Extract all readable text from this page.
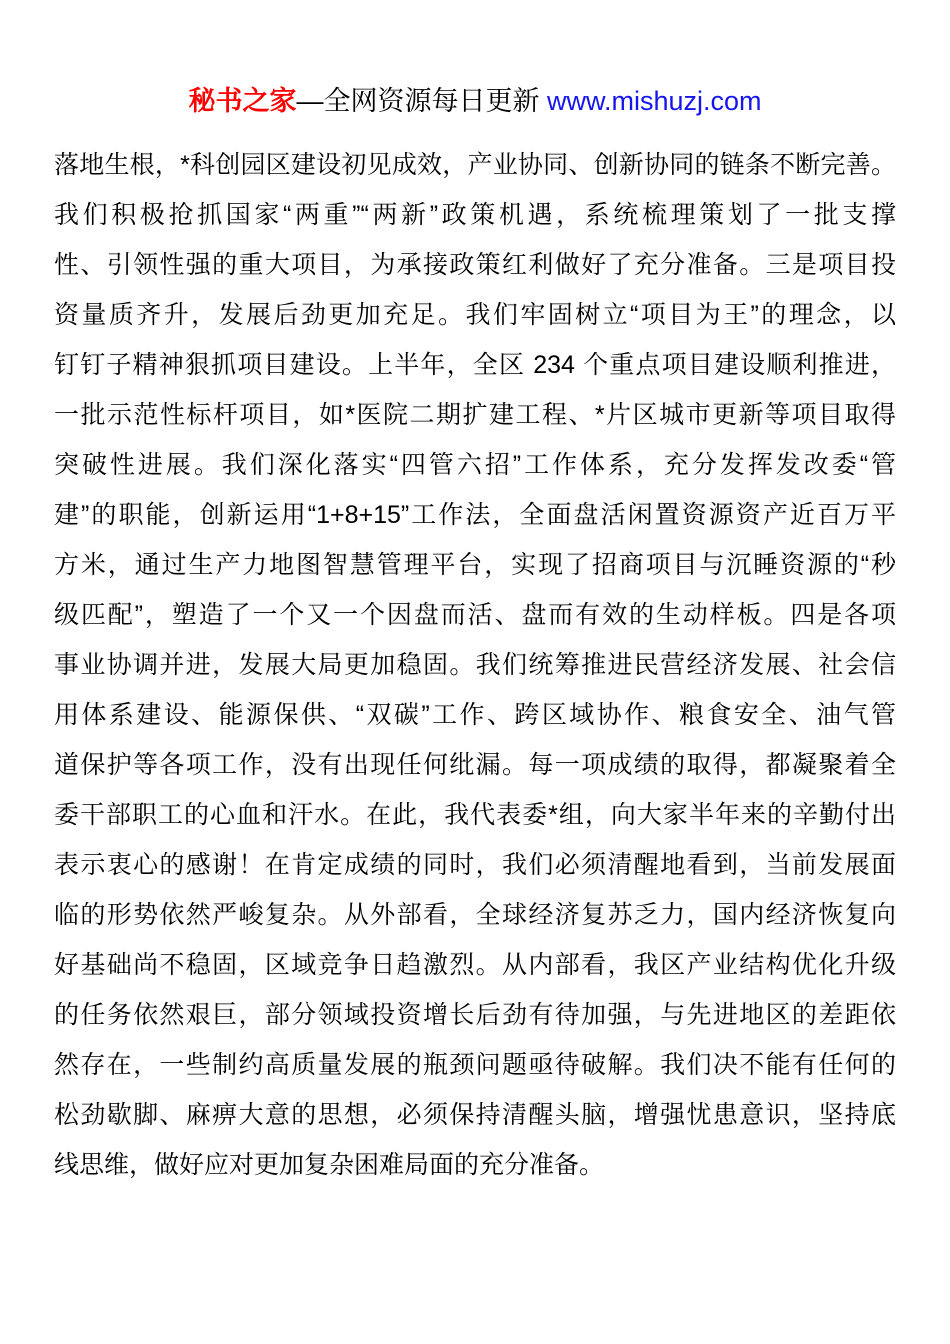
秘书之家—全网资源每日更新 www.mishuzj.com
落地生根，*科创园区建设初见成效，产业协同、创新协同的链条不断完善。
我们积极抢抓国家“两重”“两新”政策机遇，系统梳理策划了一批支撑
性、引领性强的重大项目，为承接政策红利做好了充分准备。三是项目投
资量质齐升，发展后劲更加充足。我们牢固树立“项目为王”的理念，以
钉钉子精神狠抓项目建设。上半年，全区 234 个重点项目建设顺利推进，
一批示范性标杆项目，如*医院二期扩建工程、*片区城市更新等项目取得
突破性进展。我们深化落实“四管六招”工作体系，充分发挥发改委“管
建”的职能，创新运用“1+8+15”工作法，全面盘活闲置资源资产近百万平
方米，通过生产力地图智慧管理平台，实现了招商项目与沉睡资源的“秒
级匹配”，塑造了一个又一个因盘而活、盘而有效的生动样板。四是各项
事业协调并进，发展大局更加稳固。我们统筹推进民营经济发展、社会信
用体系建设、能源保供、“双碳”工作、跨区域协作、粮食安全、油气管
道保护等各项工作，没有出现任何纰漏。每一项成绩的取得，都凝聚着全
委干部职工的心血和汗水。在此，我代表委*组，向大家半年来的辛勤付出
表示衷心的感谢！在肯定成绩的同时，我们必须清醒地看到，当前发展面
临的形势依然严峻复杂。从外部看，全球经济复苏乏力，国内经济恢复向
好基础尚不稳固，区域竞争日趋激烈。从内部看，我区产业结构优化升级
的任务依然艰巨，部分领域投资增长后劲有待加强，与先进地区的差距依
然存在，一些制约高质量发展的瓶颈问题亟待破解。我们决不能有任何的
松劲歇脚、麻痹大意的思想，必须保持清醒头脑，增强忧患意识，坚持底
线思维，做好应对更加复杂困难局面的充分准备。
